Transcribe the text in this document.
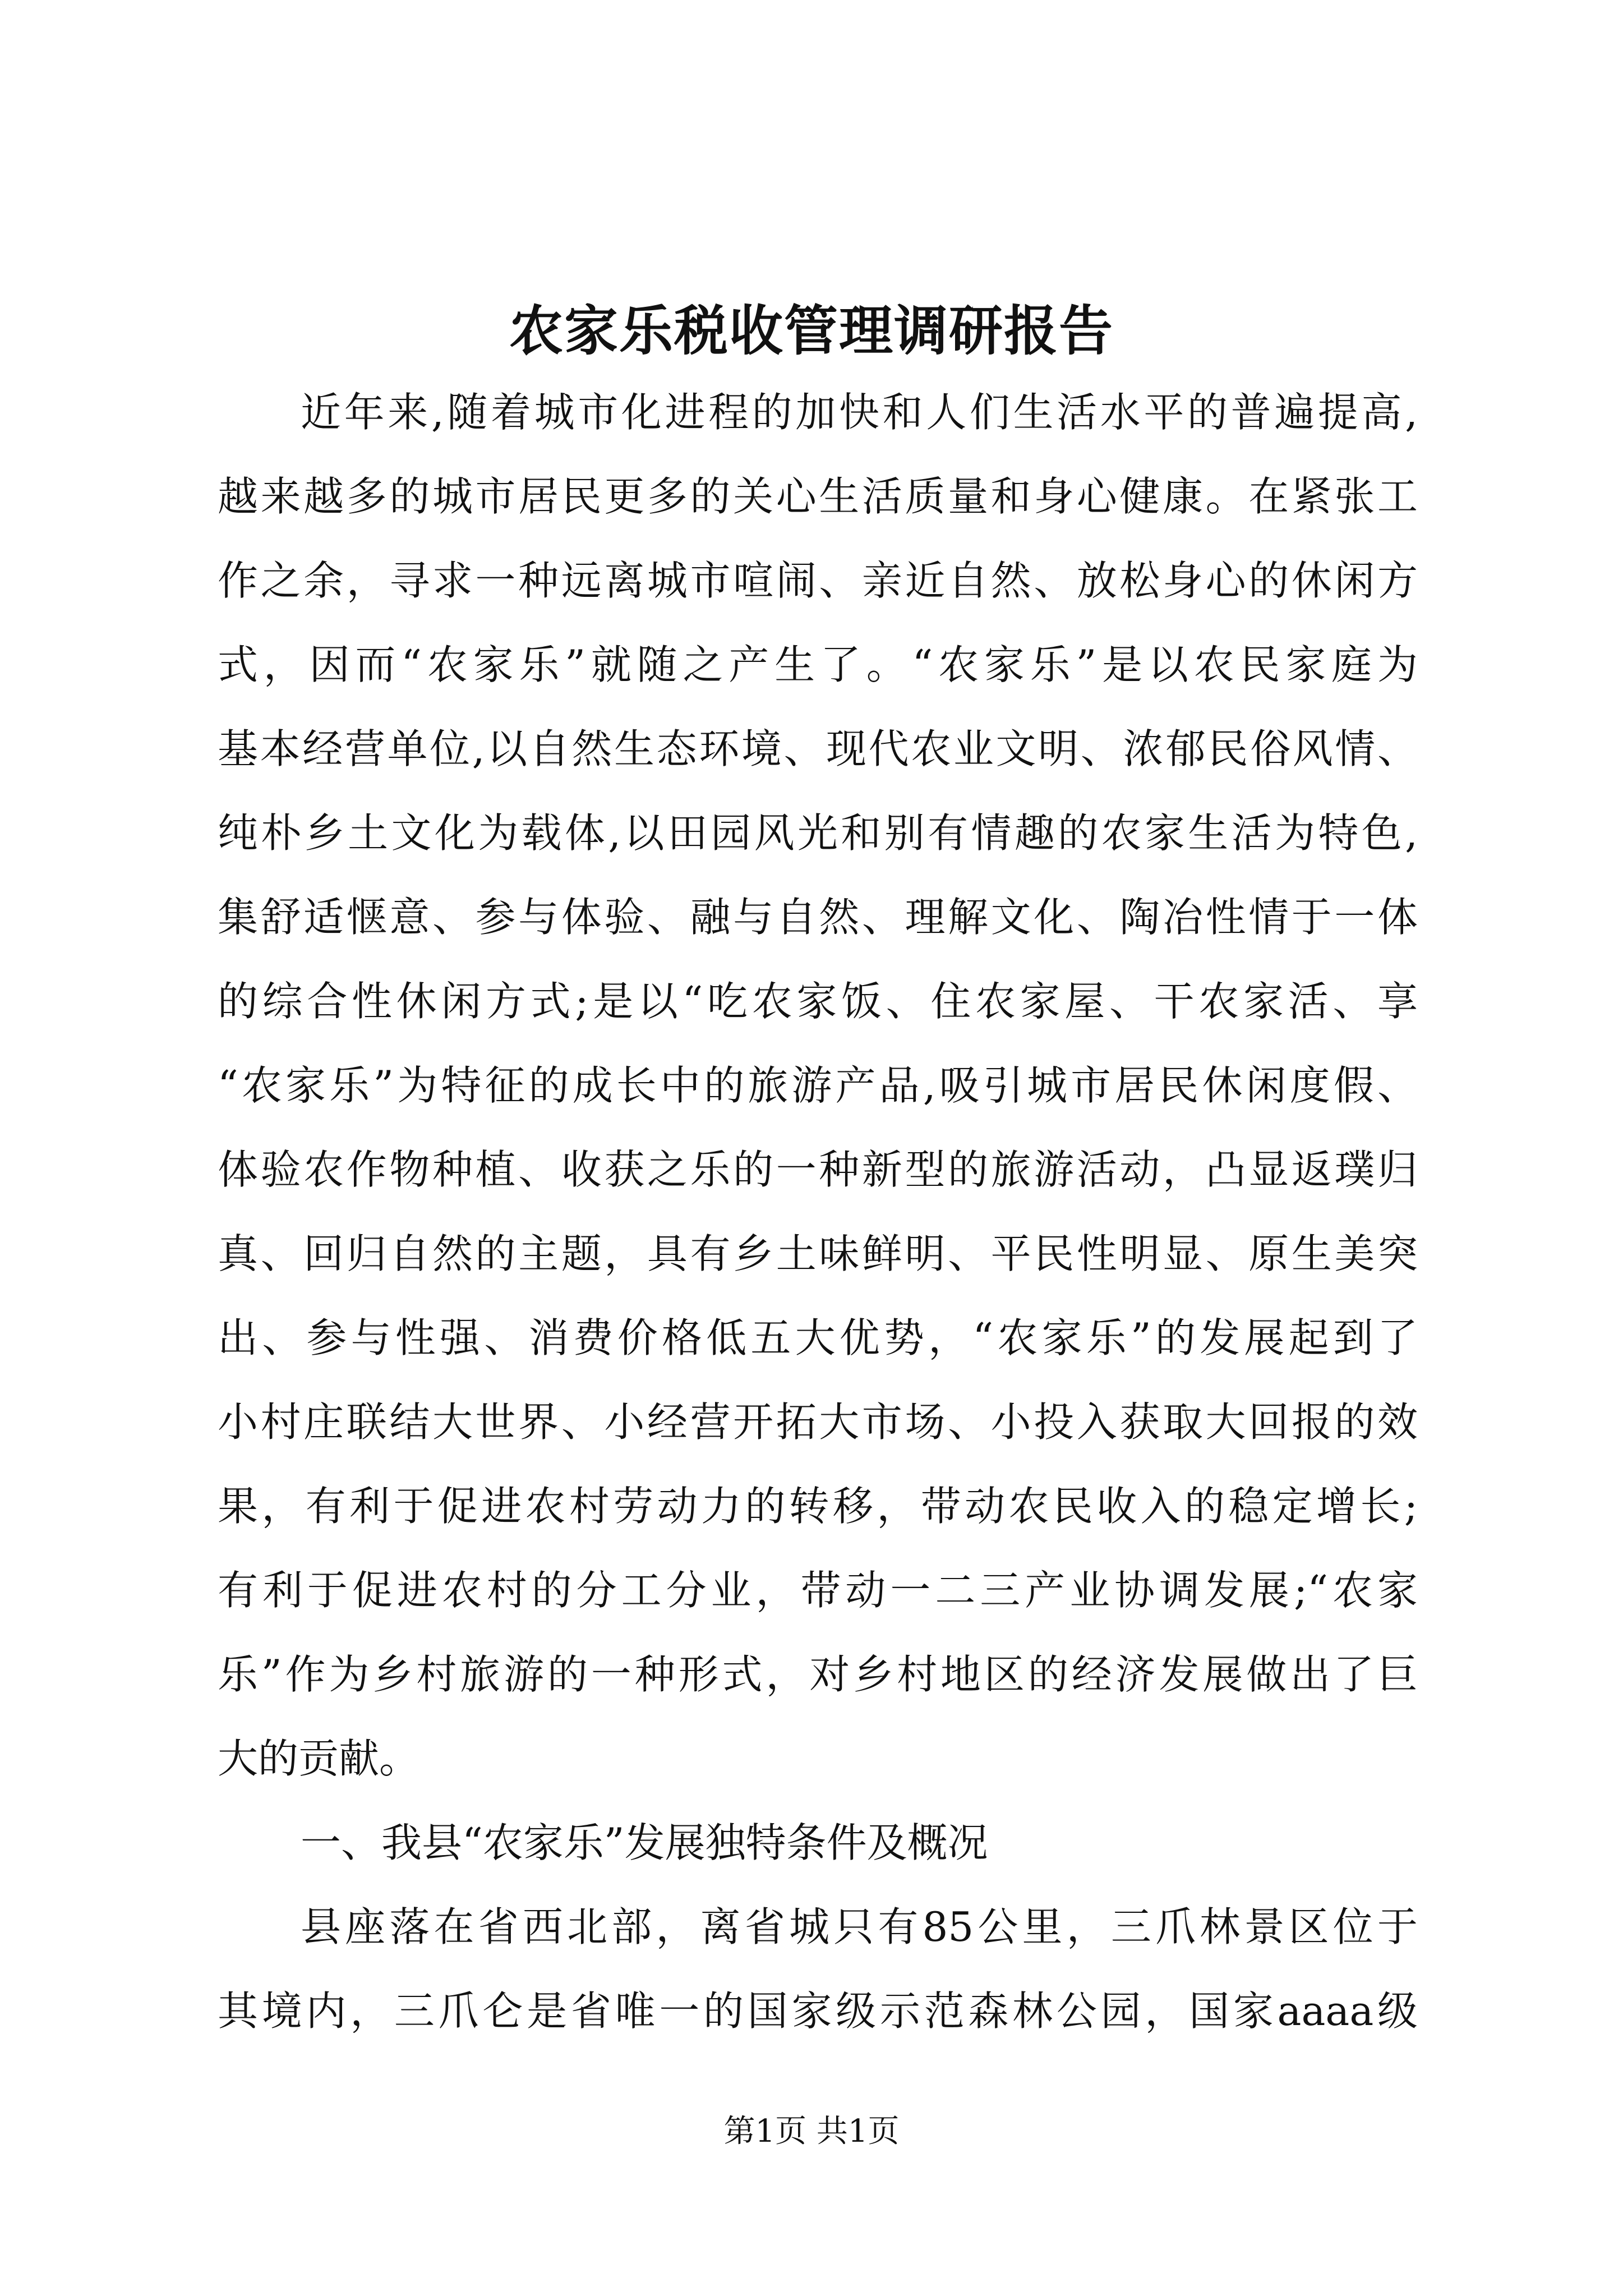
农家乐税收管理调研报告
近年来,随着城市化进程的加快和人们生活水平的普遍提高,
越来越多的城市居民更多的关心生活质量和身心健康。在紧张工
作之余，寻求一种远离城市喧闹、亲近自然、放松身心的休闲方
式，因而“农家乐”就随之产生了。“农家乐”是以农民家庭为
基本经营单位,以自然生态环境、现代农业文明、浓郁民俗风情、
纯朴乡土文化为载体,以田园风光和别有情趣的农家生活为特色,
集舒适惬意、参与体验、融与自然、理解文化、陶冶性情于一体
的综合性休闲方式;是以“吃农家饭、住农家屋、干农家活、享
“农家乐”为特征的成长中的旅游产品,吸引城市居民休闲度假、
体验农作物种植、收获之乐的一种新型的旅游活动，凸显返璞归
真、回归自然的主题，具有乡土味鲜明、平民性明显、原生美突
出、参与性强、消费价格低五大优势，“农家乐”的发展起到了
小村庄联结大世界、小经营开拓大市场、小投入获取大回报的效
果，有利于促进农村劳动力的转移，带动农民收入的稳定增长;
有利于促进农村的分工分业，带动一二三产业协调发展;“农家
乐”作为乡村旅游的一种形式，对乡村地区的经济发展做出了巨
大的贡献。
一、我县“农家乐”发展独特条件及概况
县座落在省西北部，离省城只有85公里，三爪林景区位于
其境内，三爪仑是省唯一的国家级示范森林公园，国家aaaa级
第1页 共1页
